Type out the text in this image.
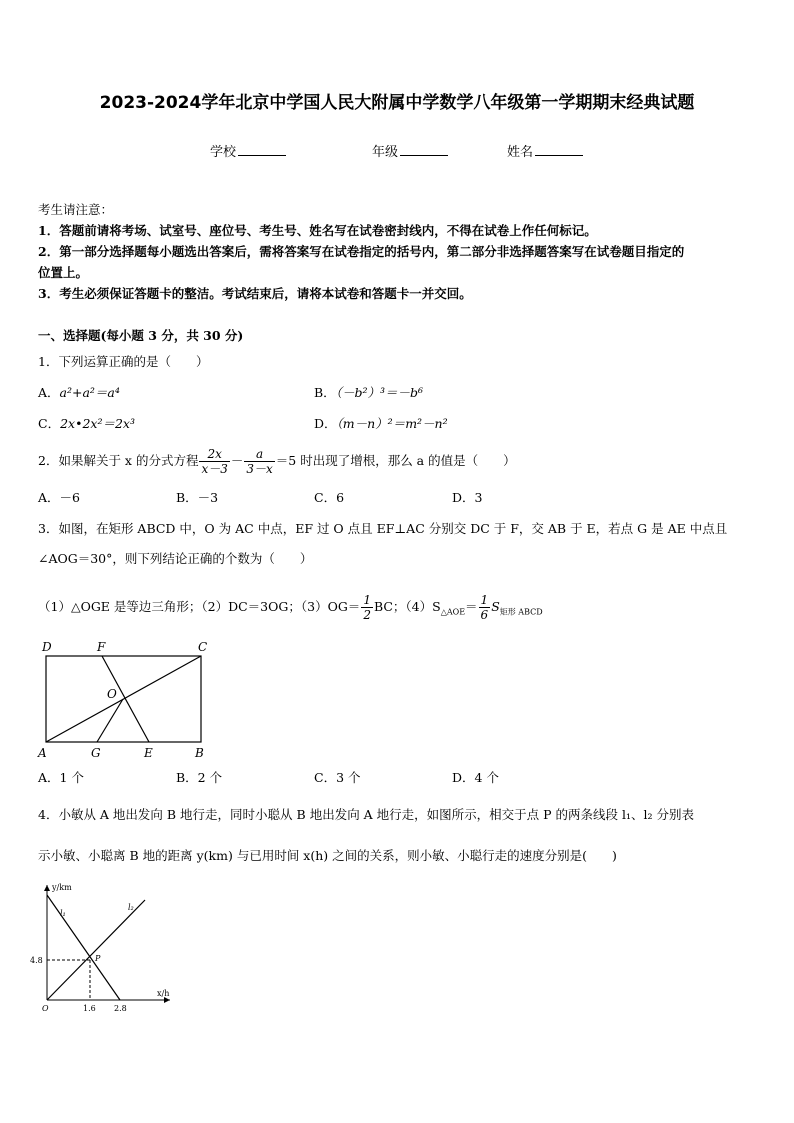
2023-2024学年北京中学国人民大附属中学数学八年级第一学期期末经典试题
学校	年级	姓名
考生请注意：
1．答题前请将考场、试室号、座位号、考生号、姓名写在试卷密封线内，不得在试卷上作任何标记。
2．第一部分选择题每小题选出答案后，需将答案写在试卷指定的括号内，第二部分非选择题答案写在试卷题目指定的
位置上。
3．考生必须保证答题卡的整洁。考试结束后，请将本试卷和答题卡一并交回。
一、选择题(每小题 3 分，共 30 分)
1．下列运算正确的是（　　）
A．a²+a²＝a⁴	B．（－b²）³＝－b⁶
C．2x•2x²＝2x³	D．（m－n）²＝m²－n²
2．如果解关于 x 的分式方程 $\frac{2x}{x-3} - \frac{a}{3-x} =5$ 时出现了增根，那么 a 的值是（　　）
A．－6	B．－3	C．6	D．3
3．如图，在矩形 ABCD 中，O 为 AC 中点，EF 过 O 点且 EF⊥AC 分别交 DC 于 F，交 AB 于 E，若点 G 是 AE 中点且
∠AOG＝30°，则下列结论正确的个数为（　　）
（1）△OGE 是等边三角形；（2）DC＝3OG；$(3)OG= \frac{1}{2}$ BC；$(4)S_{\triangle AOE}= \frac{1}{6} S_{矩形 ABCD}$
D	F	C
O
A	G	E	B
A．1 个	B．2 个	C．3 个	D．4 个
4．小敏从 A 地出发向 B 地行走，同时小聪从 B 地出发向 A 地行走，如图所示，相交于点 P 的两条线段 l₁、l₂ 分别表
示小敏、小聪离 B 地的距离 y(km) 与已用时间 x(h) 之间的关系，则小敏、小聪行走的速度分别是(　　)
y/km
x/h
O
l₁
l₂
P
4.8
1.6 2.8
